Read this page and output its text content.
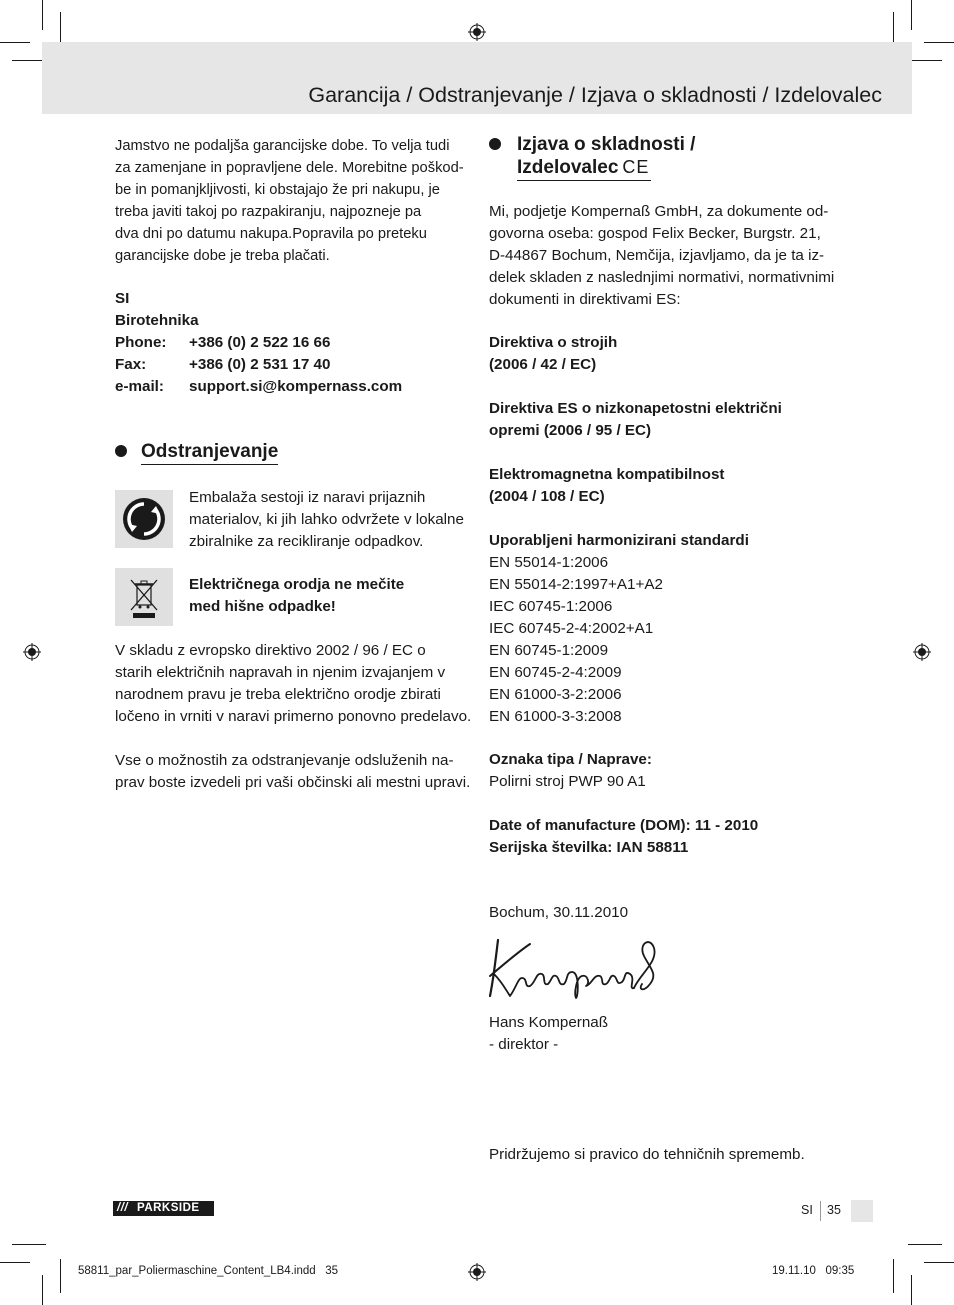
Garancija / Odstranjevanje / Izjava o skladnosti / Izdelovalec
Jamstvo ne podaljša garancijske dobe. To velja tudi
za zamenjane in popravljene dele. Morebitne poškod-
be in pomanjkljivosti, ki obstajajo že pri nakupu, je
treba javiti takoj po razpakiranju, najpozneje pa
dva dni po datumu nakupa.Popravila po preteku
garancijske dobe je treba plačati.
SI
Birotehnika
Phone:	+386 (0) 2 522 16 66
Fax:	+386 (0) 2 531 17 40
e-mail:	support.si@kompernass.com
Odstranjevanje
Embalaža sestoji iz naravi prijaznih
materialov, ki jih lahko odvržete v lokalne
zbiralnike za recikliranje odpadkov.
Električnega orodja ne mečite
med hišne odpadke!
V skladu z evropsko direktivo 2002 / 96 / EC o
starih električnih napravah in njenim izvajanjem v
narodnem pravu je treba električno orodje zbirati
ločeno in vrniti v naravi primerno ponovno predelavo.
Vse o možnostih za odstranjevanje odsluženih na-
prav boste izvedeli pri vaši občinski ali mestni upravi.
Izjava o skladnosti /
Izdelovalec CE
Mi, podjetje Kompernaß GmbH, za dokumente od-
govorna oseba: gospod Felix Becker, Burgstr. 21,
D-44867 Bochum, Nemčija, izjavljamo, da je ta iz-
delek skladen z naslednjimi normativi, normativnimi
dokumenti in direktivami ES:
Direktiva o strojih
(2006 / 42 / EC)
Direktiva ES o nizkonapetostni električni
opremi (2006 / 95 / EC)
Elektromagnetna kompatibilnost
(2004 / 108 / EC)
Uporabljeni harmonizirani standardi
EN 55014-1:2006
EN 55014-2:1997+A1+A2
IEC 60745-1:2006
IEC 60745-2-4:2002+A1
EN 60745-1:2009
EN 60745-2-4:2009
EN 61000-3-2:2006
EN 61000-3-3:2008
Oznaka tipa / Naprave:
Polirni stroj PWP 90 A1
Date of manufacture (DOM): 11 - 2010
Serijska številka: IAN 58811
Bochum, 30.11.2010
Hans Kompernaß
- direktor -
Pridržujemo si pravico do tehničnih sprememb.
/// PARKSIDE	SI 35
58811_par_Poliermaschine_Content_LB4.indd   35	19.11.10   09:35
